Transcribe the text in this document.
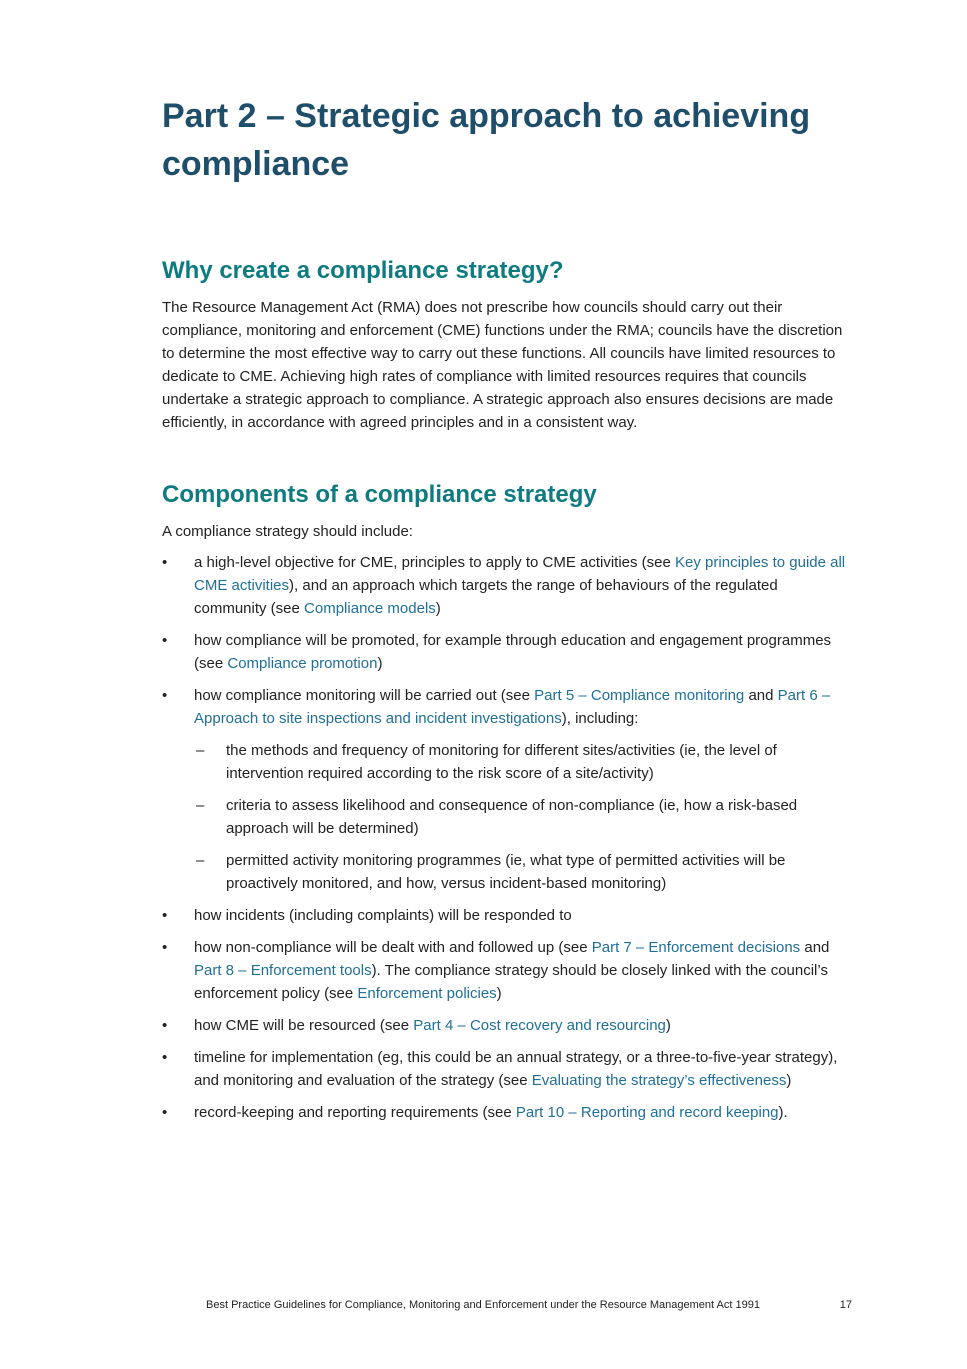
Part 2 – Strategic approach to achieving compliance
Why create a compliance strategy?

The Resource Management Act (RMA) does not prescribe how councils should carry out their compliance, monitoring and enforcement (CME) functions under the RMA; councils have the discretion to determine the most effective way to carry out these functions. All councils have limited resources to dedicate to CME. Achieving high rates of compliance with limited resources requires that councils undertake a strategic approach to compliance. A strategic approach also ensures decisions are made efficiently, in accordance with agreed principles and in a consistent way.

Components of a compliance strategy

A compliance strategy should include:

• a high-level objective for CME, principles to apply to CME activities (see Key principles to guide all CME activities), and an approach which targets the range of behaviours of the regulated community (see Compliance models)
• how compliance will be promoted, for example through education and engagement programmes (see Compliance promotion)
• how compliance monitoring will be carried out (see Part 5 – Compliance monitoring and Part 6 – Approach to site inspections and incident investigations), including:
– the methods and frequency of monitoring for different sites/activities (ie, the level of intervention required according to the risk score of a site/activity)
– criteria to assess likelihood and consequence of non-compliance (ie, how a risk-based approach will be determined)
– permitted activity monitoring programmes (ie, what type of permitted activities will be proactively monitored, and how, versus incident-based monitoring)
• how incidents (including complaints) will be responded to
• how non-compliance will be dealt with and followed up (see Part 7 – Enforcement decisions and Part 8 – Enforcement tools). The compliance strategy should be closely linked with the council’s enforcement policy (see Enforcement policies)
• how CME will be resourced (see Part 4 – Cost recovery and resourcing)
• timeline for implementation (eg, this could be an annual strategy, or a three-to-five-year strategy), and monitoring and evaluation of the strategy (see Evaluating the strategy’s effectiveness)
• record-keeping and reporting requirements (see Part 10 – Reporting and record keeping).
Best Practice Guidelines for Compliance, Monitoring and Enforcement under the Resource Management Act 1991	17
